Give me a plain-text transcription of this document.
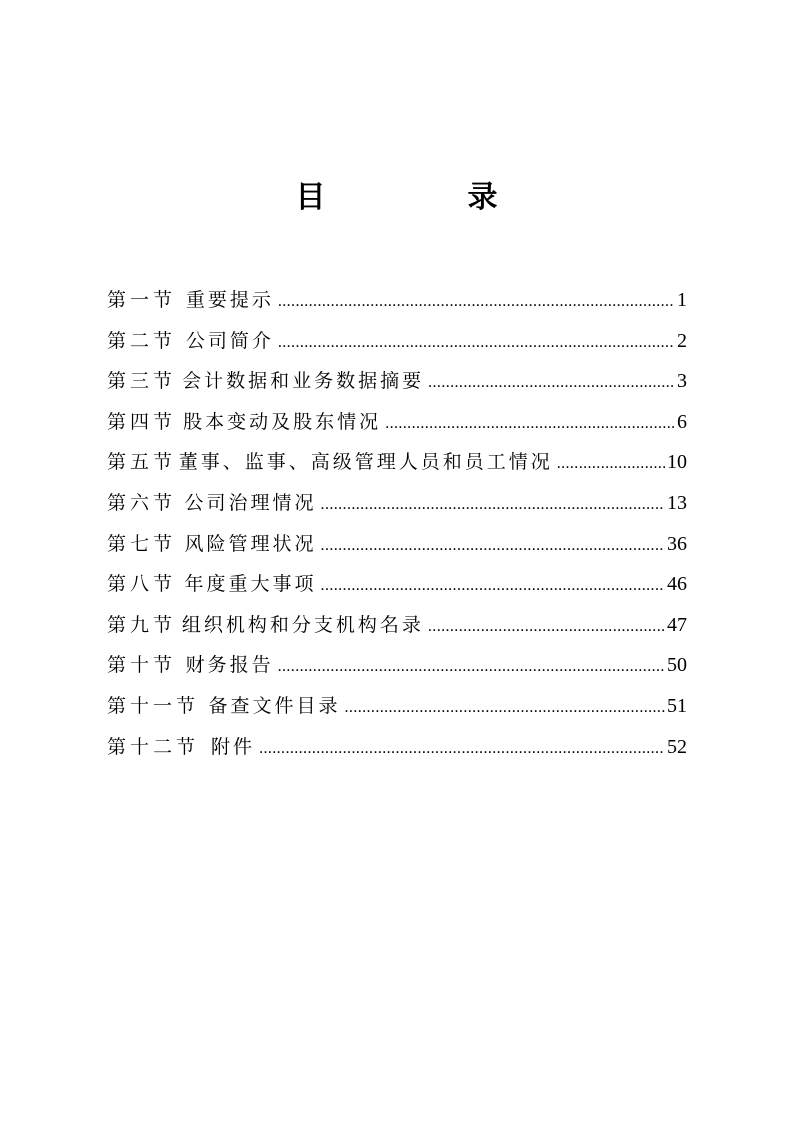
目　录
第一节 重要提示 .....	1
第二节 公司简介 .....	2
第三节 会计数据和业务数据摘要 .....	3
第四节 股本变动及股东情况 .....	6
第五节 董事、监事、高级管理人员和员工情况 .....	10
第六节 公司治理情况 .....	13
第七节 风险管理状况 .....	36
第八节 年度重大事项 .....	46
第九节 组织机构和分支机构名录 .....	47
第十节 财务报告 .....	50
第十一节 备查文件目录 .....	51
第十二节 附件 .....	52
